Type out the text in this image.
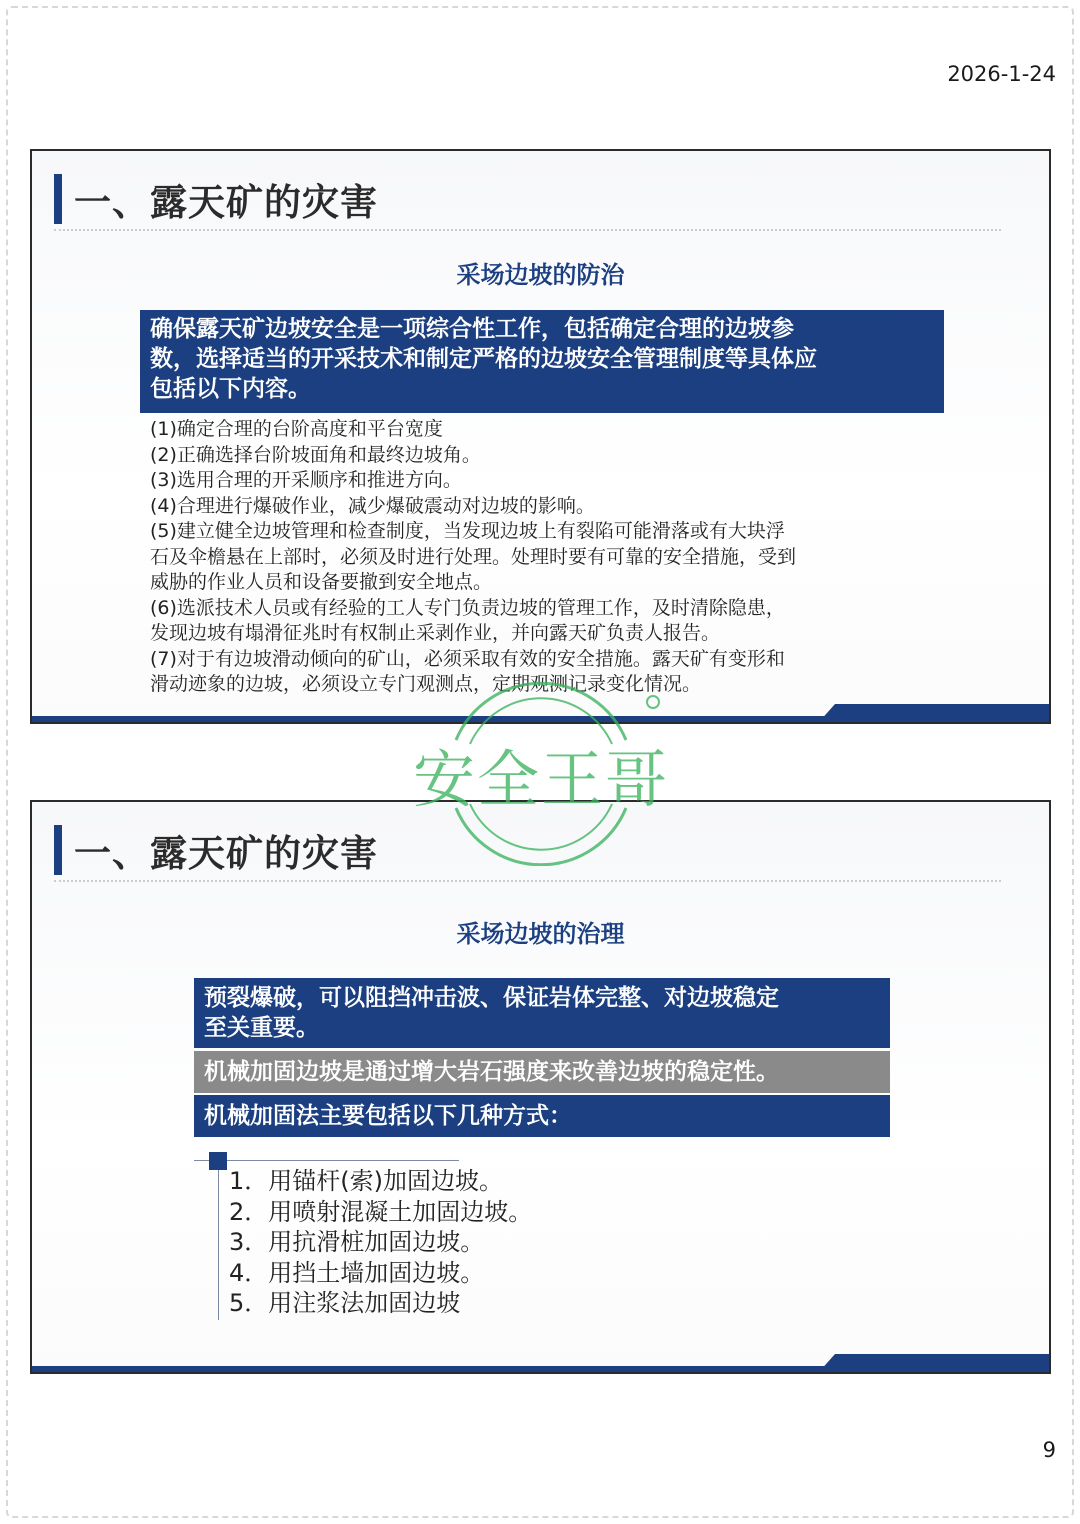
2026-1-24
一、露天矿的灾害
采场边坡的防治
确保露天矿边坡安全是一项综合性工作，包括确定合理的边坡参
数，选择适当的开采技术和制定严格的边坡安全管理制度等具体应
包括以下内容。
(1)确定合理的台阶高度和平台宽度
(2)正确选择台阶坡面角和最终边坡角。
(3)选用合理的开采顺序和推进方向。
(4)合理进行爆破作业，减少爆破震动对边坡的影响。
(5)建立健全边坡管理和检查制度，当发现边坡上有裂陷可能滑落或有大块浮
石及伞檐悬在上部时，必须及时进行处理。处理时要有可靠的安全措施，受到
威胁的作业人员和设备要撤到安全地点。
(6)选派技术人员或有经验的工人专门负责边坡的管理工作，及时清除隐患，
发现边坡有塌滑征兆时有权制止采剥作业，并向露天矿负责人报告。
(7)对于有边坡滑动倾向的矿山，必须采取有效的安全措施。露天矿有变形和
滑动迹象的边坡，必须设立专门观测点，定期观测记录变化情况。
一、露天矿的灾害
采场边坡的治理
预裂爆破，可以阻挡冲击波、保证岩体完整、对边坡稳定
至关重要。
机械加固边坡是通过增大岩石强度来改善边坡的稳定性。
机械加固法主要包括以下几种方式：
1．用锚杆(索)加固边坡。
2．用喷射混凝土加固边坡。
3．用抗滑桩加固边坡。
4．用挡土墙加固边坡。
5．用注浆法加固边坡
安全王哥
9
